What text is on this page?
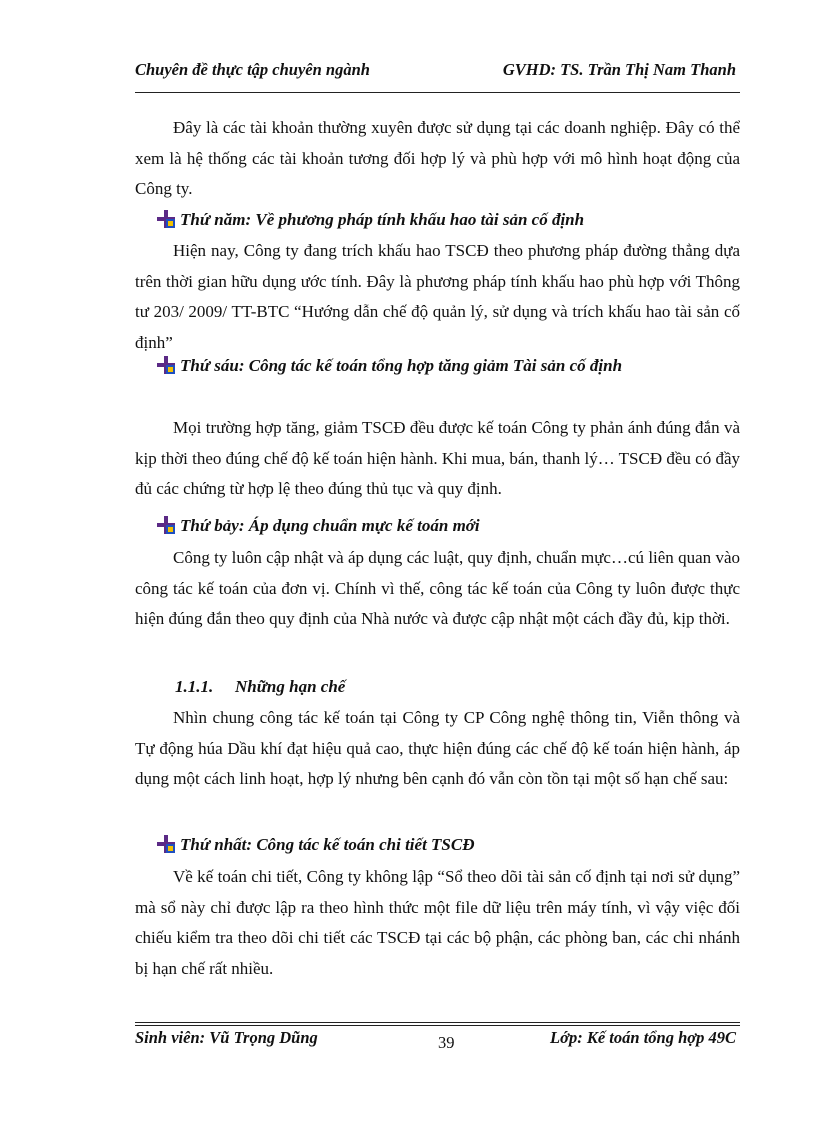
Chuyên đề thực tập chuyên ngành	GVHD: TS. Trần Thị Nam Thanh
Đây là các tài khoản thường xuyên được sử dụng tại các doanh nghiệp. Đây có thể xem là hệ thống các tài khoản tương đối hợp lý và phù hợp với mô hình hoạt động của Công ty.
Thứ năm: Về phương pháp tính khấu hao tài sản cố định
Hiện nay, Công ty đang trích khấu hao TSCĐ theo phương pháp đường thẳng dựa trên thời gian hữu dụng ước tính. Đây là phương pháp tính khấu hao phù hợp với Thông tư 203/ 2009/ TT-BTC “Hướng dẫn chế độ quản lý, sử dụng và trích khấu hao tài sản cố định”
Thứ sáu: Công tác kế toán tổng hợp tăng giảm Tài sản cố định
Mọi trường hợp tăng, giảm TSCĐ đều được kế toán Công ty phản ánh đúng đắn và kịp thời theo đúng chế độ kế toán hiện hành. Khi mua, bán, thanh lý… TSCĐ đều có đầy đủ các chứng từ hợp lệ theo đúng thủ tục và quy định.
Thứ bảy: Áp dụng chuẩn mực kế toán mới
Công ty luôn cập nhật và áp dụng các luật, quy định, chuẩn mực…cú liên quan vào công tác kế toán của đơn vị. Chính vì thế, công tác kế toán của Công ty luôn được thực hiện đúng đắn theo quy định của Nhà nước và được cập nhật một cách đầy đủ, kịp thời.
1.1.1. Những hạn chế
Nhìn chung công tác kế toán tại Công ty CP Công nghệ thông tin, Viễn thông và Tự động húa Dầu khí đạt hiệu quả cao, thực hiện đúng các chế độ kế toán hiện hành, áp dụng một cách linh hoạt, hợp lý nhưng bên cạnh đó vẫn còn tồn tại một số hạn chế sau:
Thứ nhất: Công tác kế toán chi tiết TSCĐ
Về kế toán chi tiết, Công ty không lập “Sổ theo dõi tài sản cố định tại nơi sử dụng” mà sổ này chỉ được lập ra theo hình thức một file dữ liệu trên máy tính, vì vậy việc đối chiếu kiểm tra theo dõi chi tiết các TSCĐ tại các bộ phận, các phòng ban, các chi nhánh bị hạn chế rất nhiều.
Sinh viên: Vũ Trọng Dũng	39	Lớp: Kế toán tổng hợp 49C
